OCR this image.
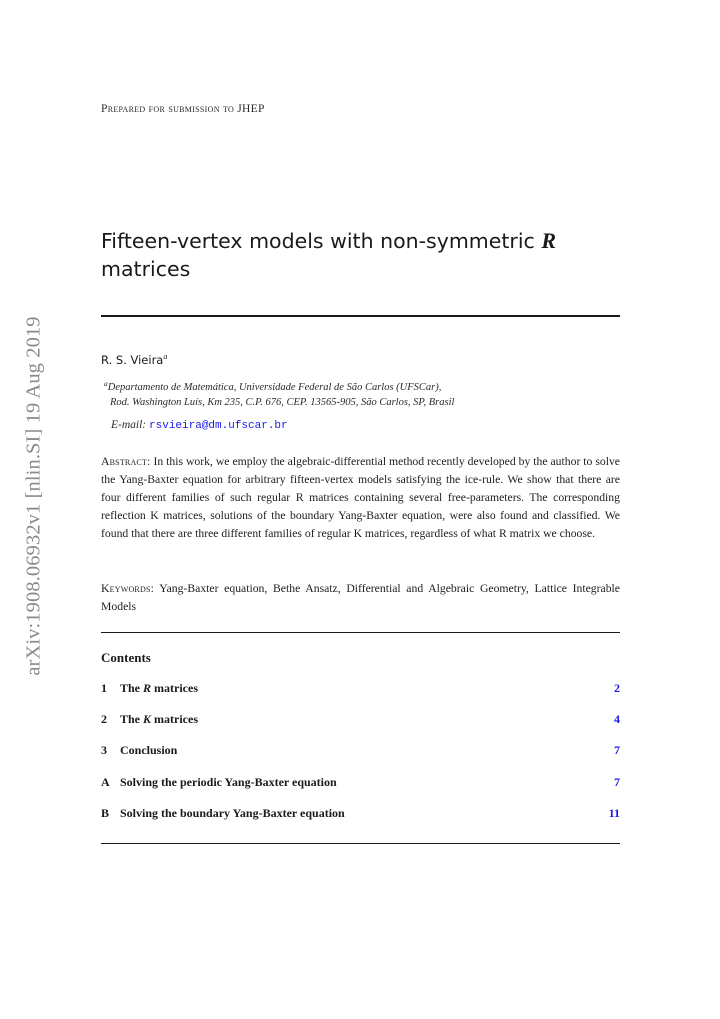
arXiv:1908.06932v1 [nlin.SI] 19 Aug 2019
Prepared for submission to JHEP
Fifteen-vertex models with non-symmetric R
matrices
R. S. Vieira$^a$
$^a$Departamento de Matemática, Universidade Federal de São Carlos (UFSCar),
Rod. Washington Luís, Km 235, C.P. 676, CEP. 13565-905, São Carlos, SP, Brasil
E-mail: rsvieira@dm.ufscar.br
Abstract: In this work, we employ the algebraic-differential method recently developed by the author to solve the Yang-Baxter equation for arbitrary fifteen-vertex models satisfying the ice-rule. We show that there are four different families of such regular R matrices containing several free-parameters. The corresponding reflection K matrices, solutions of the boundary Yang-Baxter equation, were also found and classified. We found that there are three different families of regular K matrices, regardless of what R matrix we choose.
Keywords: Yang-Baxter equation, Bethe Ansatz, Differential and Algebraic Geometry, Lattice Integrable Models
Contents
1 The R matrices	2
2 The K matrices	4
3 Conclusion	7
A Solving the periodic Yang-Baxter equation	7
B Solving the boundary Yang-Baxter equation	11
